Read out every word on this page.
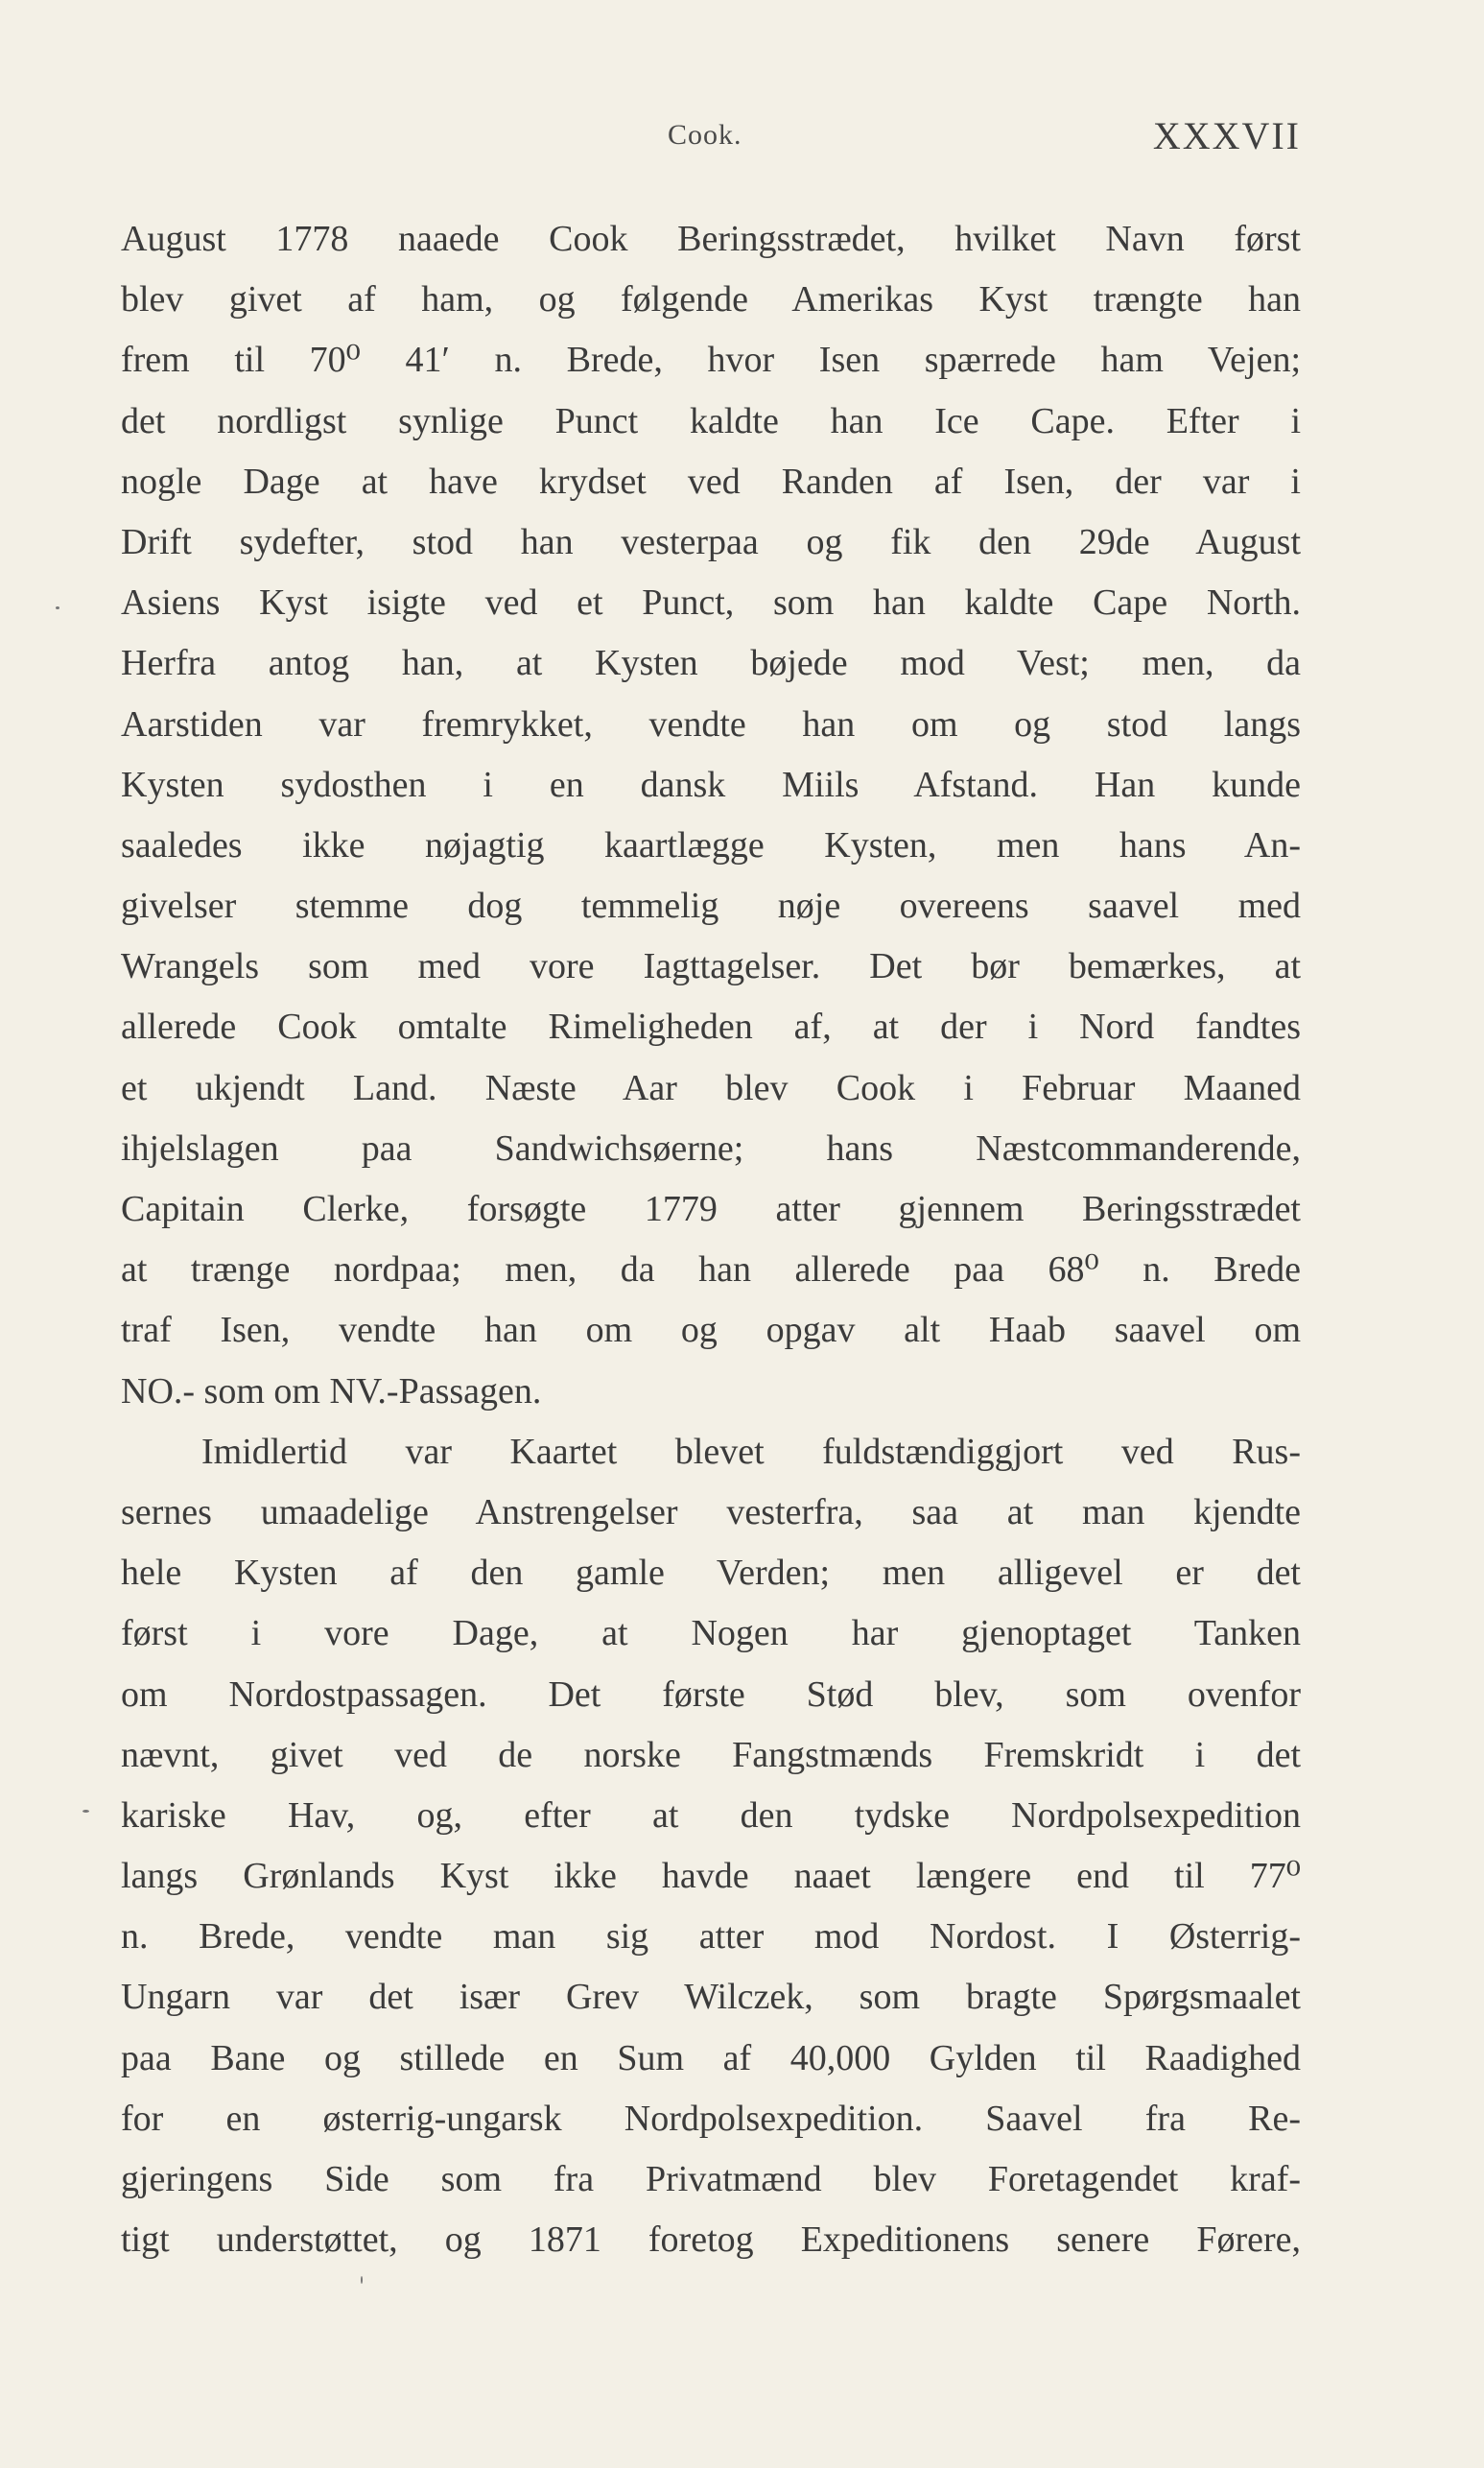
Cook.	XXXVII
August 1778 naaede Cook Beringsstrædet, hvilket Navn først
blev givet af ham, og følgende Amerikas Kyst trængte han
frem til 70⁰ 41′ n. Brede, hvor Isen spærrede ham Vejen;
det nordligst synlige Punct kaldte han Ice Cape. Efter i
nogle Dage at have krydset ved Randen af Isen, der var i
Drift sydefter, stod han vesterpaa og fik den 29de August
Asiens Kyst isigte ved et Punct, som han kaldte Cape North.
Herfra antog han, at Kysten bøjede mod Vest; men, da
Aarstiden var fremrykket, vendte han om og stod langs
Kysten sydosthen i en dansk Miils Afstand. Han kunde
saaledes ikke nøjagtig kaartlægge Kysten, men hans An-
givelser stemme dog temmelig nøje overeens saavel med
Wrangels som med vore Iagttagelser. Det bør bemærkes, at
allerede Cook omtalte Rimeligheden af, at der i Nord fandtes
et ukjendt Land. Næste Aar blev Cook i Februar Maaned
ihjelslagen paa Sandwichsøerne; hans Næstcommanderende,
Capitain Clerke, forsøgte 1779 atter gjennem Beringsstrædet
at trænge nordpaa; men, da han allerede paa 68⁰ n. Brede
traf Isen, vendte han om og opgav alt Haab saavel om
NO.- som om NV.-Passagen.
Imidlertid var Kaartet blevet fuldstændiggjort ved Rus-
sernes umaadelige Anstrengelser vesterfra, saa at man kjendte
hele Kysten af den gamle Verden; men alligevel er det
først i vore Dage, at Nogen har gjenoptaget Tanken
om Nordostpassagen. Det første Stød blev, som ovenfor
nævnt, givet ved de norske Fangstmænds Fremskridt i det
kariske Hav, og, efter at den tydske Nordpolsexpedition
langs Grønlands Kyst ikke havde naaet længere end til 77⁰
n. Brede, vendte man sig atter mod Nordost. I Østerrig-
Ungarn var det især Grev Wilczek, som bragte Spørgsmaalet
paa Bane og stillede en Sum af 40,000 Gylden til Raadighed
for en østerrig-ungarsk Nordpolsexpedition. Saavel fra Re-
gjeringens Side som fra Privatmænd blev Foretagendet kraf-
tigt understøttet, og 1871 foretog Expeditionens senere Førere,
